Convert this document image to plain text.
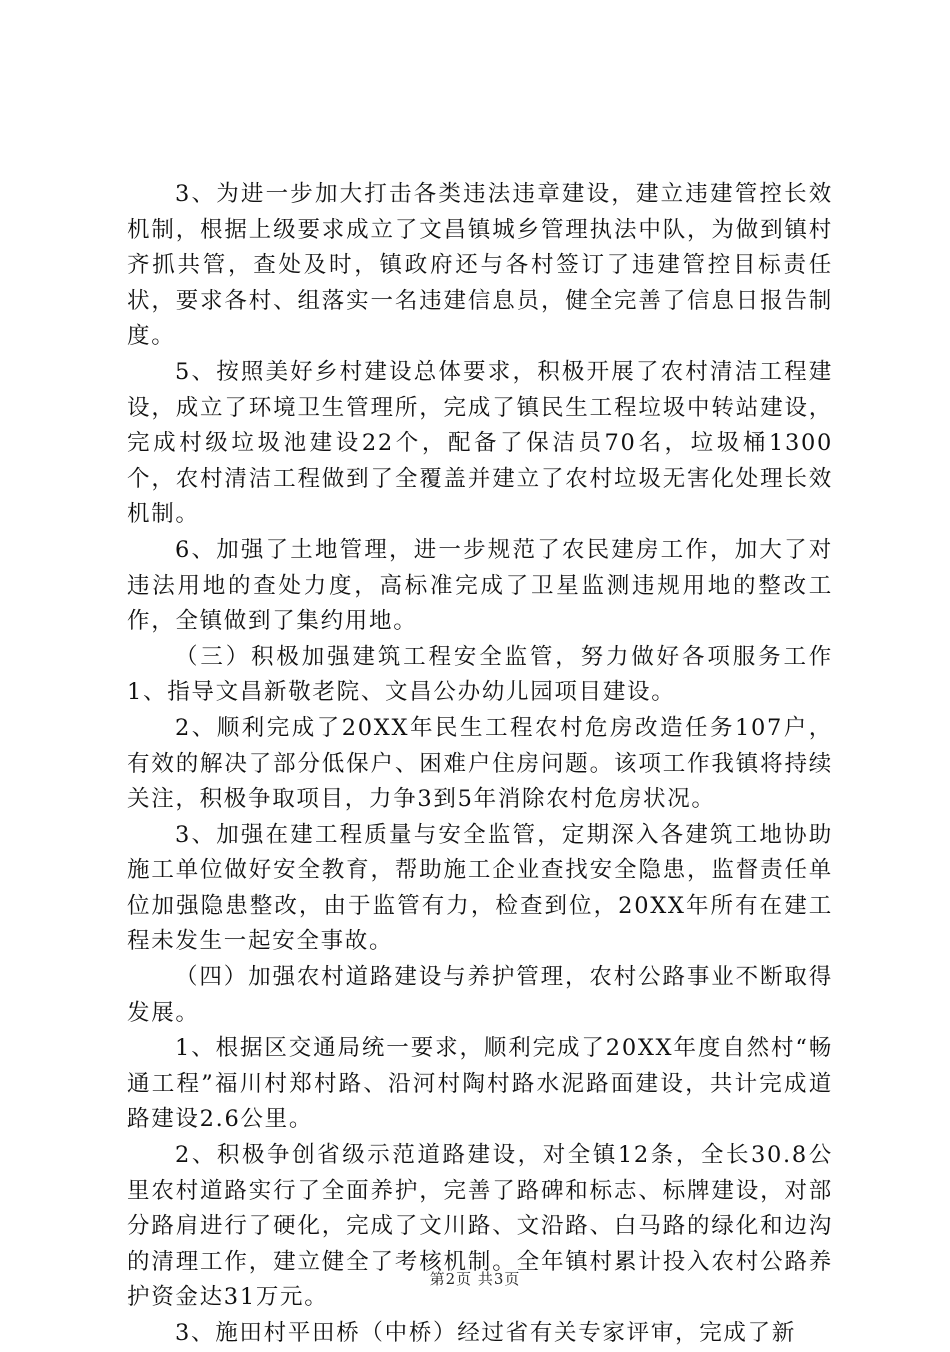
3、为进一步加大打击各类违法违章建设，建立违建管控长效机制，根据上级要求成立了文昌镇城乡管理执法中队，为做到镇村齐抓共管，查处及时，镇政府还与各村签订了违建管控目标责任状，要求各村、组落实一名违建信息员，健全完善了信息日报告制度。

5、按照美好乡村建设总体要求，积极开展了农村清洁工程建设，成立了环境卫生管理所，完成了镇民生工程垃圾中转站建设，完成村级垃圾池建设22个，配备了保洁员70名，垃圾桶1300个，农村清洁工程做到了全覆盖并建立了农村垃圾无害化处理长效机制。

6、加强了土地管理，进一步规范了农民建房工作，加大了对违法用地的查处力度，高标准完成了卫星监测违规用地的整改工作，全镇做到了集约用地。

（三）积极加强建筑工程安全监管，努力做好各项服务工作1、指导文昌新敬老院、文昌公办幼儿园项目建设。

2、顺利完成了20XX年民生工程农村危房改造任务107户，有效的解决了部分低保户、困难户住房问题。该项工作我镇将持续关注，积极争取项目，力争3到5年消除农村危房状况。

3、加强在建工程质量与安全监管，定期深入各建筑工地协助施工单位做好安全教育，帮助施工企业查找安全隐患，监督责任单位加强隐患整改，由于监管有力，检查到位，20XX年所有在建工程未发生一起安全事故。

（四）加强农村道路建设与养护管理，农村公路事业不断取得发展。

1、根据区交通局统一要求，顺利完成了20XX年度自然村“畅通工程”福川村郑村路、沿河村陶村路水泥路面建设，共计完成道路建设2.6公里。

2、积极争创省级示范道路建设，对全镇12条，全长30.8公里农村道路实行了全面养护，完善了路碑和标志、标牌建设，对部分路肩进行了硬化，完成了文川路、文沿路、白马路的绿化和边沟的清理工作，建立健全了考核机制。全年镇村累计投入农村公路养护资金达31万元。

3、施田村平田桥（中桥）经过省有关专家评审，完成了新

第2页 共3页
